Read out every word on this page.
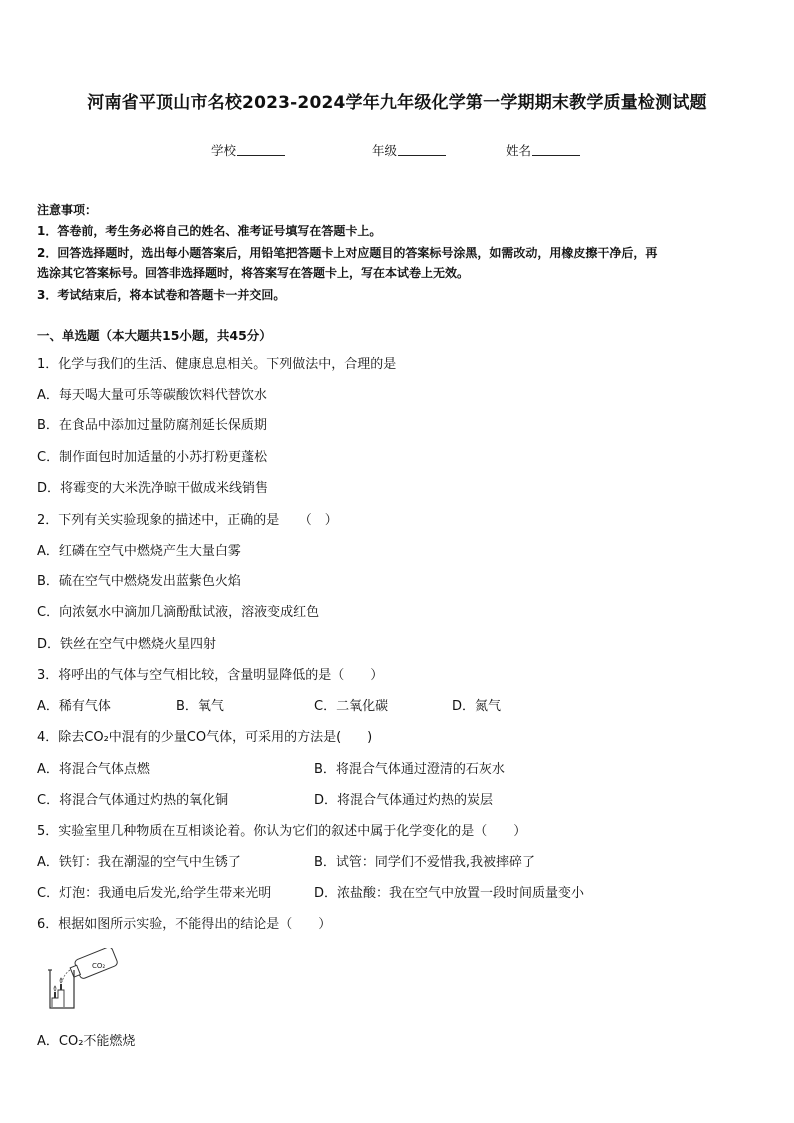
河南省平顶山市名校2023-2024学年九年级化学第一学期期末教学质量检测试题
学校	年级	姓名
注意事项：
1．答卷前，考生务必将自己的姓名、准考证号填写在答题卡上。
2．回答选择题时，选出每小题答案后，用铅笔把答题卡上对应题目的答案标号涂黑，如需改动，用橡皮擦干净后，再
选涂其它答案标号。回答非选择题时，将答案写在答题卡上，写在本试卷上无效。
3．考试结束后，将本试卷和答题卡一并交回。
一、单选题（本大题共15小题，共45分）
1．化学与我们的生活、健康息息相关。下列做法中，合理的是
A．每天喝大量可乐等碳酸饮料代替饮水
B．在食品中添加过量防腐剂延长保质期
C．制作面包时加适量的小苏打粉更蓬松
D．将霉变的大米洗净晾干做成米线销售
2．下列有关实验现象的描述中，正确的是　　（　）
A．红磷在空气中燃烧产生大量白雾
B．硫在空气中燃烧发出蓝紫色火焰
C．向浓氨水中滴加几滴酚酞试液，溶液变成红色
D．铁丝在空气中燃烧火星四射
3．将呼出的气体与空气相比较，含量明显降低的是（　　）
A．稀有气体	B．氧气	C．二氧化碳	D．氮气
4．除去CO₂中混有的少量CO气体，可采用的方法是(　　)
A．将混合气体点燃	B．将混合气体通过澄清的石灰水
C．将混合气体通过灼热的氧化铜	D．将混合气体通过灼热的炭层
5．实验室里几种物质在互相谈论着。你认为它们的叙述中属于化学变化的是（　　）
A．铁钉：我在潮湿的空气中生锈了	B．试管：同学们不爱惜我,我被摔碎了
C．灯泡：我通电后发光,给学生带来光明	D．浓盐酸：我在空气中放置一段时间质量变小
6．根据如图所示实验，不能得出的结论是（　　）
CO₂
A．CO₂不能燃烧
